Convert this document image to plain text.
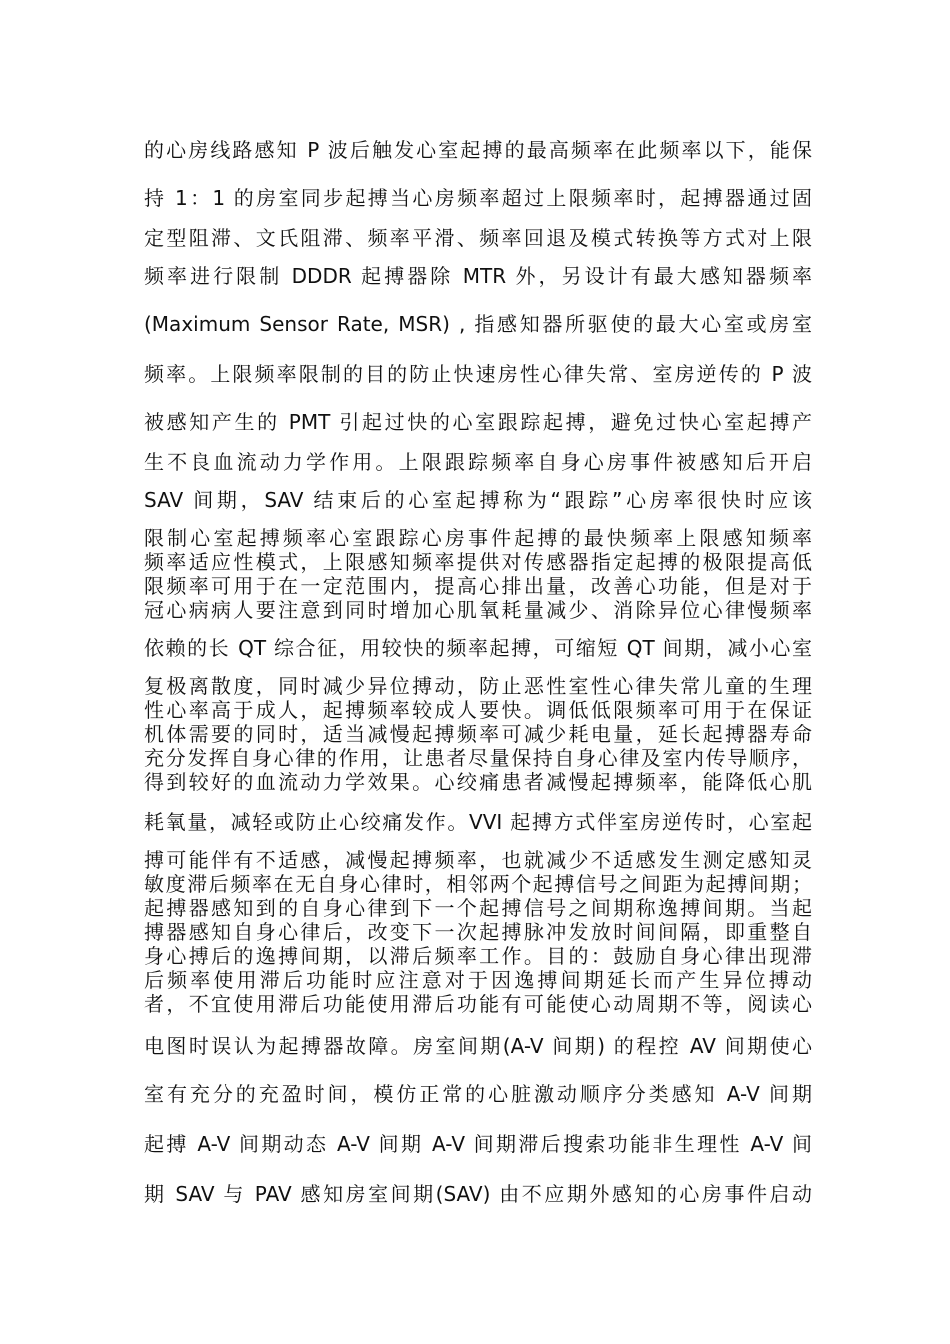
的心房线路感知 P 波后触发心室起搏的最高频率在此频率以下，能保
持 1：1 的房室同步起搏当心房频率超过上限频率时，起搏器通过固
定型阻滞、文氏阻滞、频率平滑、频率回退及模式转换等方式对上限
频率进行限制 DDDR 起搏器除 MTR 外，另设计有最大感知器频率
(Maximum Sensor Rate, MSR) , 指感知器所驱使的最大心室或房室
频率。上限频率限制的目的防止快速房性心律失常、室房逆传的 P 波
被感知产生的 PMT 引起过快的心室跟踪起搏，避免过快心室起搏产
生不良血流动力学作用。上限跟踪频率自身心房事件被感知后开启
SAV 间期，SAV 结束后的心室起搏称为“跟踪”心房率很快时应该
限制心室起搏频率心室跟踪心房事件起搏的最快频率上限感知频率
频率适应性模式，上限感知频率提供对传感器指定起搏的极限提高低
限频率可用于在一定范围内，提高心排出量，改善心功能，但是对于
冠心病病人要注意到同时增加心肌氧耗量减少、消除异位心律慢频率
依赖的长 QT 综合征，用较快的频率起搏，可缩短 QT 间期，减小心室
复极离散度，同时减少异位搏动，防止恶性室性心律失常儿童的生理
性心率高于成人，起搏频率较成人要快。调低低限频率可用于在保证
机体需要的同时，适当减慢起搏频率可减少耗电量，延长起搏器寿命
充分发挥自身心律的作用，让患者尽量保持自身心律及室内传导顺序，
得到较好的血流动力学效果。心绞痛患者减慢起搏频率，能降低心肌
耗氧量，减轻或防止心绞痛发作。VVI 起搏方式伴室房逆传时，心室起
搏可能伴有不适感，减慢起搏频率，也就减少不适感发生测定感知灵
敏度滞后频率在无自身心律时，相邻两个起搏信号之间距为起搏间期；
起搏器感知到的自身心律到下一个起搏信号之间期称逸搏间期。当起
搏器感知自身心律后，改变下一次起搏脉冲发放时间间隔，即重整自
身心搏后的逸搏间期，以滞后频率工作。目的：鼓励自身心律出现滞
后频率使用滞后功能时应注意对于因逸搏间期延长而产生异位搏动
者，不宜使用滞后功能使用滞后功能有可能使心动周期不等，阅读心
电图时误认为起搏器故障。房室间期(A-V 间期) 的程控 AV 间期使心
室有充分的充盈时间，模仿正常的心脏激动顺序分类感知 A-V 间期
起搏 A-V 间期动态 A-V 间期 A-V 间期滞后搜索功能非生理性 A-V 间
期 SAV 与 PAV 感知房室间期(SAV) 由不应期外感知的心房事件启动
